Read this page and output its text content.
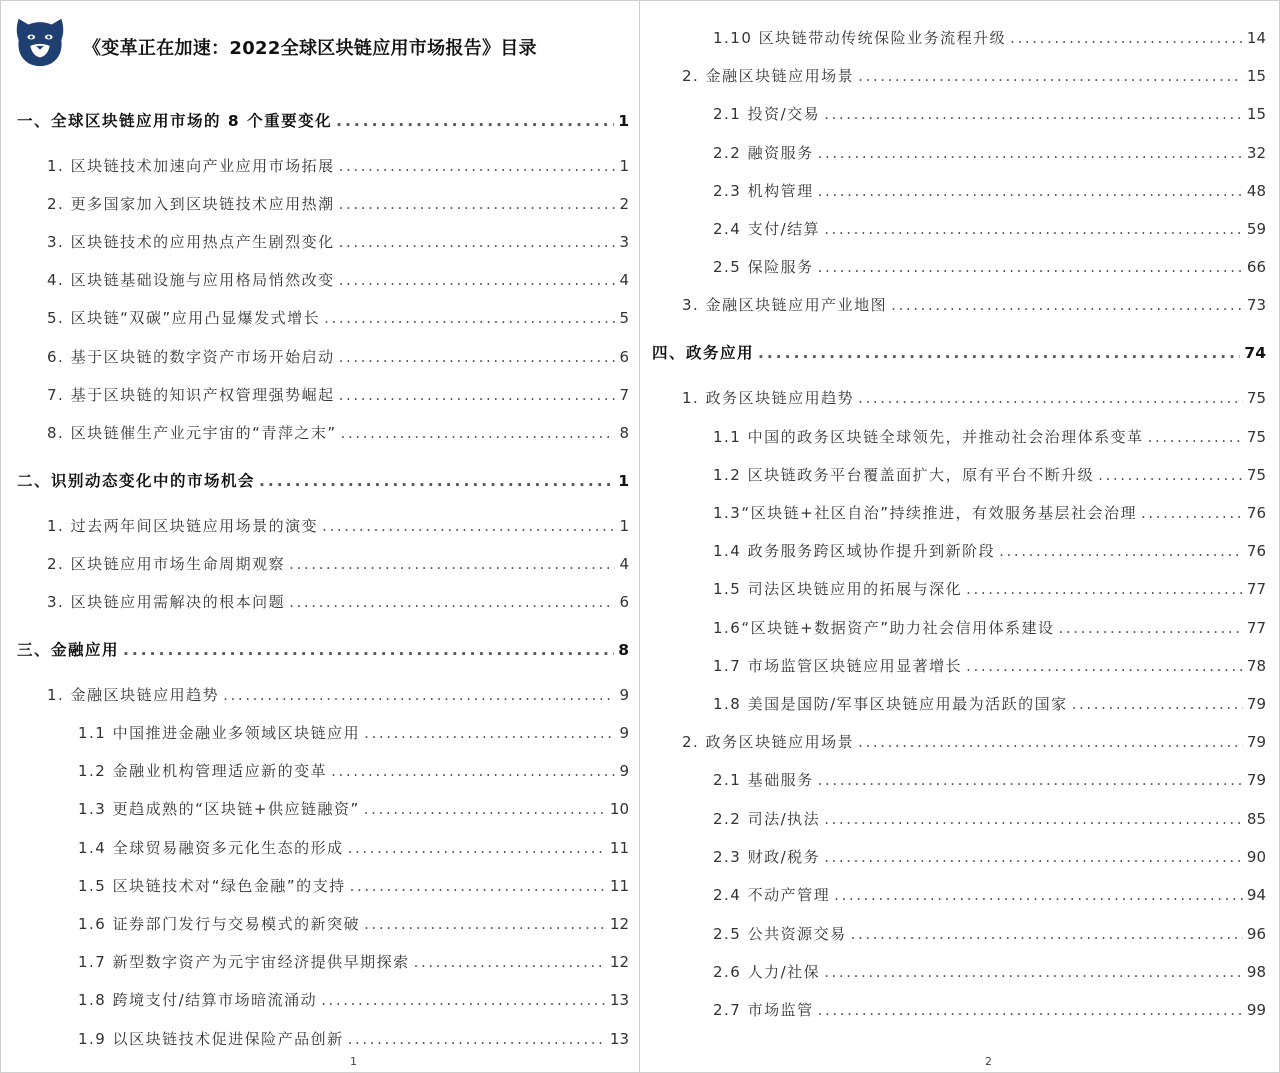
《变革正在加速：2022全球区块链应用市场报告》目录
一、全球区块链应用市场的 8 个重要变化 .....	1
1. 区块链技术加速向产业应用市场拓展 .....	1
2. 更多国家加入到区块链技术应用热潮 .....	2
3. 区块链技术的应用热点产生剧烈变化 .....	3
4. 区块链基础设施与应用格局悄然改变 .....	4
5. 区块链“双碳”应用凸显爆发式增长 .....	5
6. 基于区块链的数字资产市场开始启动 .....	6
7. 基于区块链的知识产权管理强势崛起 .....	7
8. 区块链催生产业元宇宙的“青萍之末” .....	8
二、识别动态变化中的市场机会 .....	1
1. 过去两年间区块链应用场景的演变 .....	1
2. 区块链应用市场生命周期观察 .....	4
3. 区块链应用需解决的根本问题 .....	6
三、金融应用 .....	8
1. 金融区块链应用趋势 .....	9
1.1 中国推进金融业多领域区块链应用 .....	9
1.2 金融业机构管理适应新的变革 .....	9
1.3 更趋成熟的“区块链+供应链融资” .....	10
1.4 全球贸易融资多元化生态的形成 .....	11
1.5 区块链技术对“绿色金融”的支持 .....	11
1.6 证券部门发行与交易模式的新突破 .....	12
1.7 新型数字资产为元宇宙经济提供早期探索 .....	12
1.8 跨境支付/结算市场暗流涌动 .....	13
1.9 以区块链技术促进保险产品创新 .....	13
1
1.10 区块链带动传统保险业务流程升级 .....	14
2. 金融区块链应用场景 .....	15
2.1 投资/交易 .....	15
2.2 融资服务 .....	32
2.3 机构管理 .....	48
2.4 支付/结算 .....	59
2.5 保险服务 .....	66
3. 金融区块链应用产业地图 .....	73
四、政务应用 .....	74
1. 政务区块链应用趋势 .....	75
1.1 中国的政务区块链全球领先，并推动社会治理体系变革 .....	75
1.2 区块链政务平台覆盖面扩大，原有平台不断升级 .....	75
1.3“区块链+社区自治”持续推进，有效服务基层社会治理 .....	76
1.4 政务服务跨区域协作提升到新阶段 .....	76
1.5 司法区块链应用的拓展与深化 .....	77
1.6“区块链+数据资产”助力社会信用体系建设 .....	77
1.7 市场监管区块链应用显著增长 .....	78
1.8 美国是国防/军事区块链应用最为活跃的国家 .....	79
2. 政务区块链应用场景 .....	79
2.1 基础服务 .....	79
2.2 司法/执法 .....	85
2.3 财政/税务 .....	90
2.4 不动产管理 .....	94
2.5 公共资源交易 .....	96
2.6 人力/社保 .....	98
2.7 市场监管 .....	99
2
